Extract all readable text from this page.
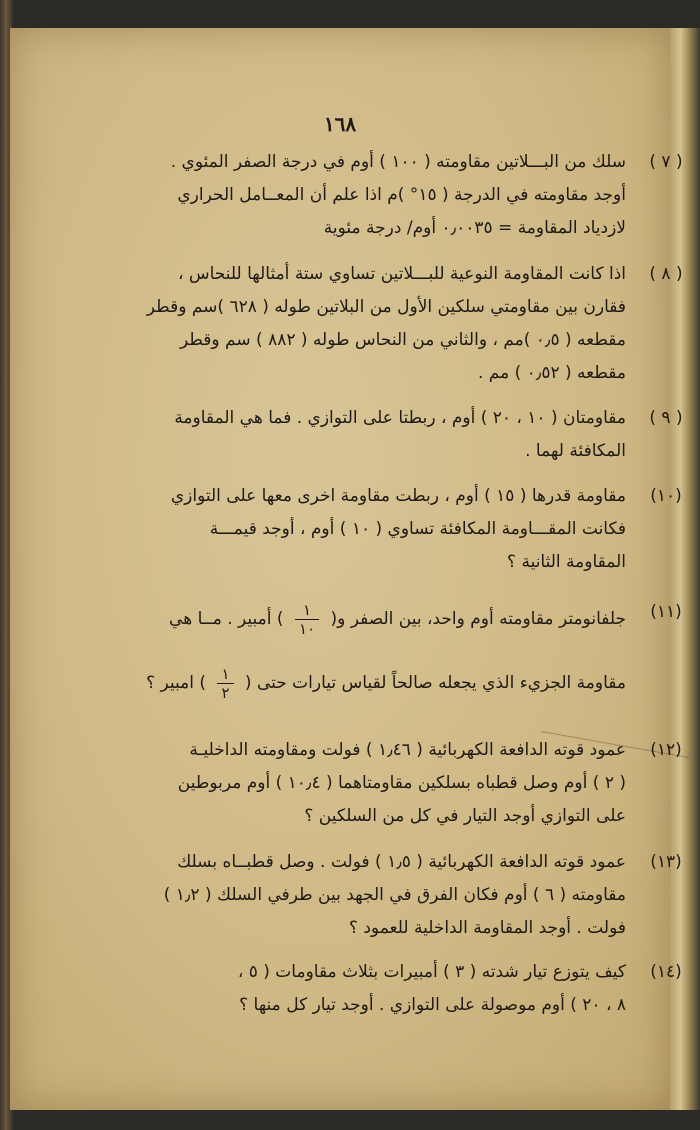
١٦٨
( ٧ )
سلك من البـــلاتين مقاومته ( ١٠٠ ) أوم في درجة الصفر المئوي .
أوجد مقاومته في الدرجة ( ١٥° )م اذا علم أن المعــامل الحراري
لازدياد المقاومة = ٠٫٠٠٣٥ أوم/ درجة مئوية
( ٨ )
اذا كانت المقاومة النوعية للبـــلاتين تساوي ستة أمثالها للنحاس ،
فقارن بين مقاومتي سلكين الأول من البلاتين طوله ( ٦٢٨ )سم وقطر
مقطعه ( ٠٫٥ )مم ، والثاني من النحاس طوله ( ٨٨٢ ) سم وقطر
مقطعه ( ٠٫٥٢ ) مم .
( ٩ )
مقاومتان ( ١٠ ، ٢٠ ) أوم ، ربطتا على التوازي . فما هي المقاومة
المكافئة لهما .
(١٠)
مقاومة قدرها ( ١٥ ) أوم ، ربطت مقاومة اخرى معها على التوازي
فكانت المقـــاومة المكافئة تساوي ( ١٠ ) أوم ، أوجد قيمـــة
المقاومة الثانية ؟
(١١)
جلفانومتر مقاومته أوم واحد، بين الصفر و(
$\frac{١}{١٠}$
) أمبير . مــا هي
مقاومة الجزيء الذي يجعله صالحاً لقياس تيارات حتى (
$\frac{١}{٢}$
) امبير ؟
(١٢)
عمود قوته الدافعة الكهربائية ( ١٫٤٦ ) فولت ومقاومته الداخليـة
( ٢ ) أوم وصل قطباه بسلكين مقاومتاهما ( ١٠٫٤ ) أوم مربوطين
على التوازي أوجد التيار في كل من السلكين ؟
(١٣)
عمود قوته الدافعة الكهربائية ( ١٫٥ ) فولت . وصل قطبــاه بسلك
مقاومته ( ٦ ) أوم فكان الفرق في الجهد بين طرفي السلك ( ١٫٢ )
فولت . أوجد المقاومة الداخلية للعمود ؟
(١٤)
كيف يتوزع تيار شدته ( ٣ ) أمبيرات بثلاث مقاومات ( ٥ ،
٨ ، ٢٠ ) أوم موصولة على التوازي . أوجد تيار كل منها ؟
